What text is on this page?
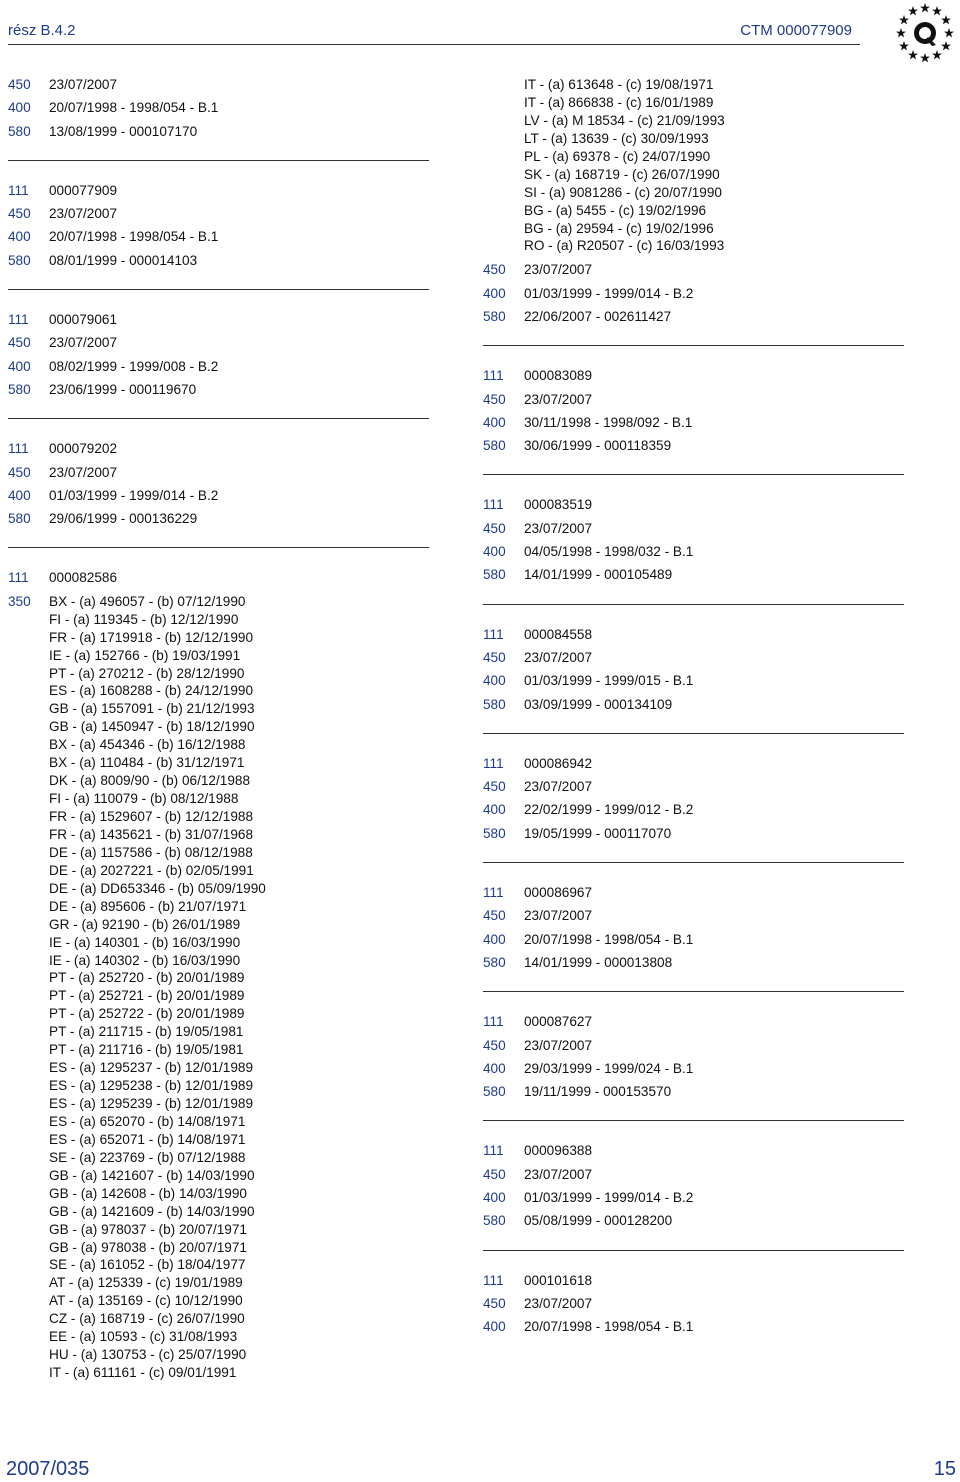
rész B.4.2	CTM 000077909
450	23/07/2007
400	20/07/1998 - 1998/054 - B.1
580	13/08/1999 - 000107170
111	000077909
450	23/07/2007
400	20/07/1998 - 1998/054 - B.1
580	08/01/1999 - 000014103
111	000079061
450	23/07/2007
400	08/02/1999 - 1999/008 - B.2
580	23/06/1999 - 000119670
111	000079202
450	23/07/2007
400	01/03/1999 - 1999/014 - B.2
580	29/06/1999 - 000136229
111	000082586
350	BX - (a) 496057 - (b) 07/12/1990
FI - (a) 119345 - (b) 12/12/1990
FR - (a) 1719918 - (b) 12/12/1990
IE - (a) 152766 - (b) 19/03/1991
PT - (a) 270212 - (b) 28/12/1990
ES - (a) 1608288 - (b) 24/12/1990
GB - (a) 1557091 - (b) 21/12/1993
GB - (a) 1450947 - (b) 18/12/1990
BX - (a) 454346 - (b) 16/12/1988
BX - (a) 110484 - (b) 31/12/1971
DK - (a) 8009/90 - (b) 06/12/1988
FI - (a) 110079 - (b) 08/12/1988
FR - (a) 1529607 - (b) 12/12/1988
FR - (a) 1435621 - (b) 31/07/1968
DE - (a) 1157586 - (b) 08/12/1988
DE - (a) 2027221 - (b) 02/05/1991
DE - (a) DD653346 - (b) 05/09/1990
DE - (a) 895606 - (b) 21/07/1971
GR - (a) 92190 - (b) 26/01/1989
IE - (a) 140301 - (b) 16/03/1990
IE - (a) 140302 - (b) 16/03/1990
PT - (a) 252720 - (b) 20/01/1989
PT - (a) 252721 - (b) 20/01/1989
PT - (a) 252722 - (b) 20/01/1989
PT - (a) 211715 - (b) 19/05/1981
PT - (a) 211716 - (b) 19/05/1981
ES - (a) 1295237 - (b) 12/01/1989
ES - (a) 1295238 - (b) 12/01/1989
ES - (a) 1295239 - (b) 12/01/1989
ES - (a) 652070 - (b) 14/08/1971
ES - (a) 652071 - (b) 14/08/1971
SE - (a) 223769 - (b) 07/12/1988
GB - (a) 1421607 - (b) 14/03/1990
GB - (a) 142608 - (b) 14/03/1990
GB - (a) 1421609 - (b) 14/03/1990
GB - (a) 978037 - (b) 20/07/1971
GB - (a) 978038 - (b) 20/07/1971
SE - (a) 161052 - (b) 18/04/1977
AT - (a) 125339 - (c) 19/01/1989
AT - (a) 135169 - (c) 10/12/1990
CZ - (a) 168719 - (c) 26/07/1990
EE - (a) 10593 - (c) 31/08/1993
HU - (a) 130753 - (c) 25/07/1990
IT - (a) 611161 - (c) 09/01/1991
IT - (a) 613648 - (c) 19/08/1971
IT - (a) 866838 - (c) 16/01/1989
LV - (a) M 18534 - (c) 21/09/1993
LT - (a) 13639 - (c) 30/09/1993
PL - (a) 69378 - (c) 24/07/1990
SK - (a) 168719 - (c) 26/07/1990
SI - (a) 9081286 - (c) 20/07/1990
BG - (a) 5455 - (c) 19/02/1996
BG - (a) 29594 - (c) 19/02/1996
RO - (a) R20507 - (c) 16/03/1993
450	23/07/2007
400	01/03/1999 - 1999/014 - B.2
580	22/06/2007 - 002611427
111	000083089
450	23/07/2007
400	30/11/1998 - 1998/092 - B.1
580	30/06/1999 - 000118359
111	000083519
450	23/07/2007
400	04/05/1998 - 1998/032 - B.1
580	14/01/1999 - 000105489
111	000084558
450	23/07/2007
400	01/03/1999 - 1999/015 - B.1
580	03/09/1999 - 000134109
111	000086942
450	23/07/2007
400	22/02/1999 - 1999/012 - B.2
580	19/05/1999 - 000117070
111	000086967
450	23/07/2007
400	20/07/1998 - 1998/054 - B.1
580	14/01/1999 - 000013808
111	000087627
450	23/07/2007
400	29/03/1999 - 1999/024 - B.1
580	19/11/1999 - 000153570
111	000096388
450	23/07/2007
400	01/03/1999 - 1999/014 - B.2
580	05/08/1999 - 000128200
111	000101618
450	23/07/2007
400	20/07/1998 - 1998/054 - B.1
2007/035	15
